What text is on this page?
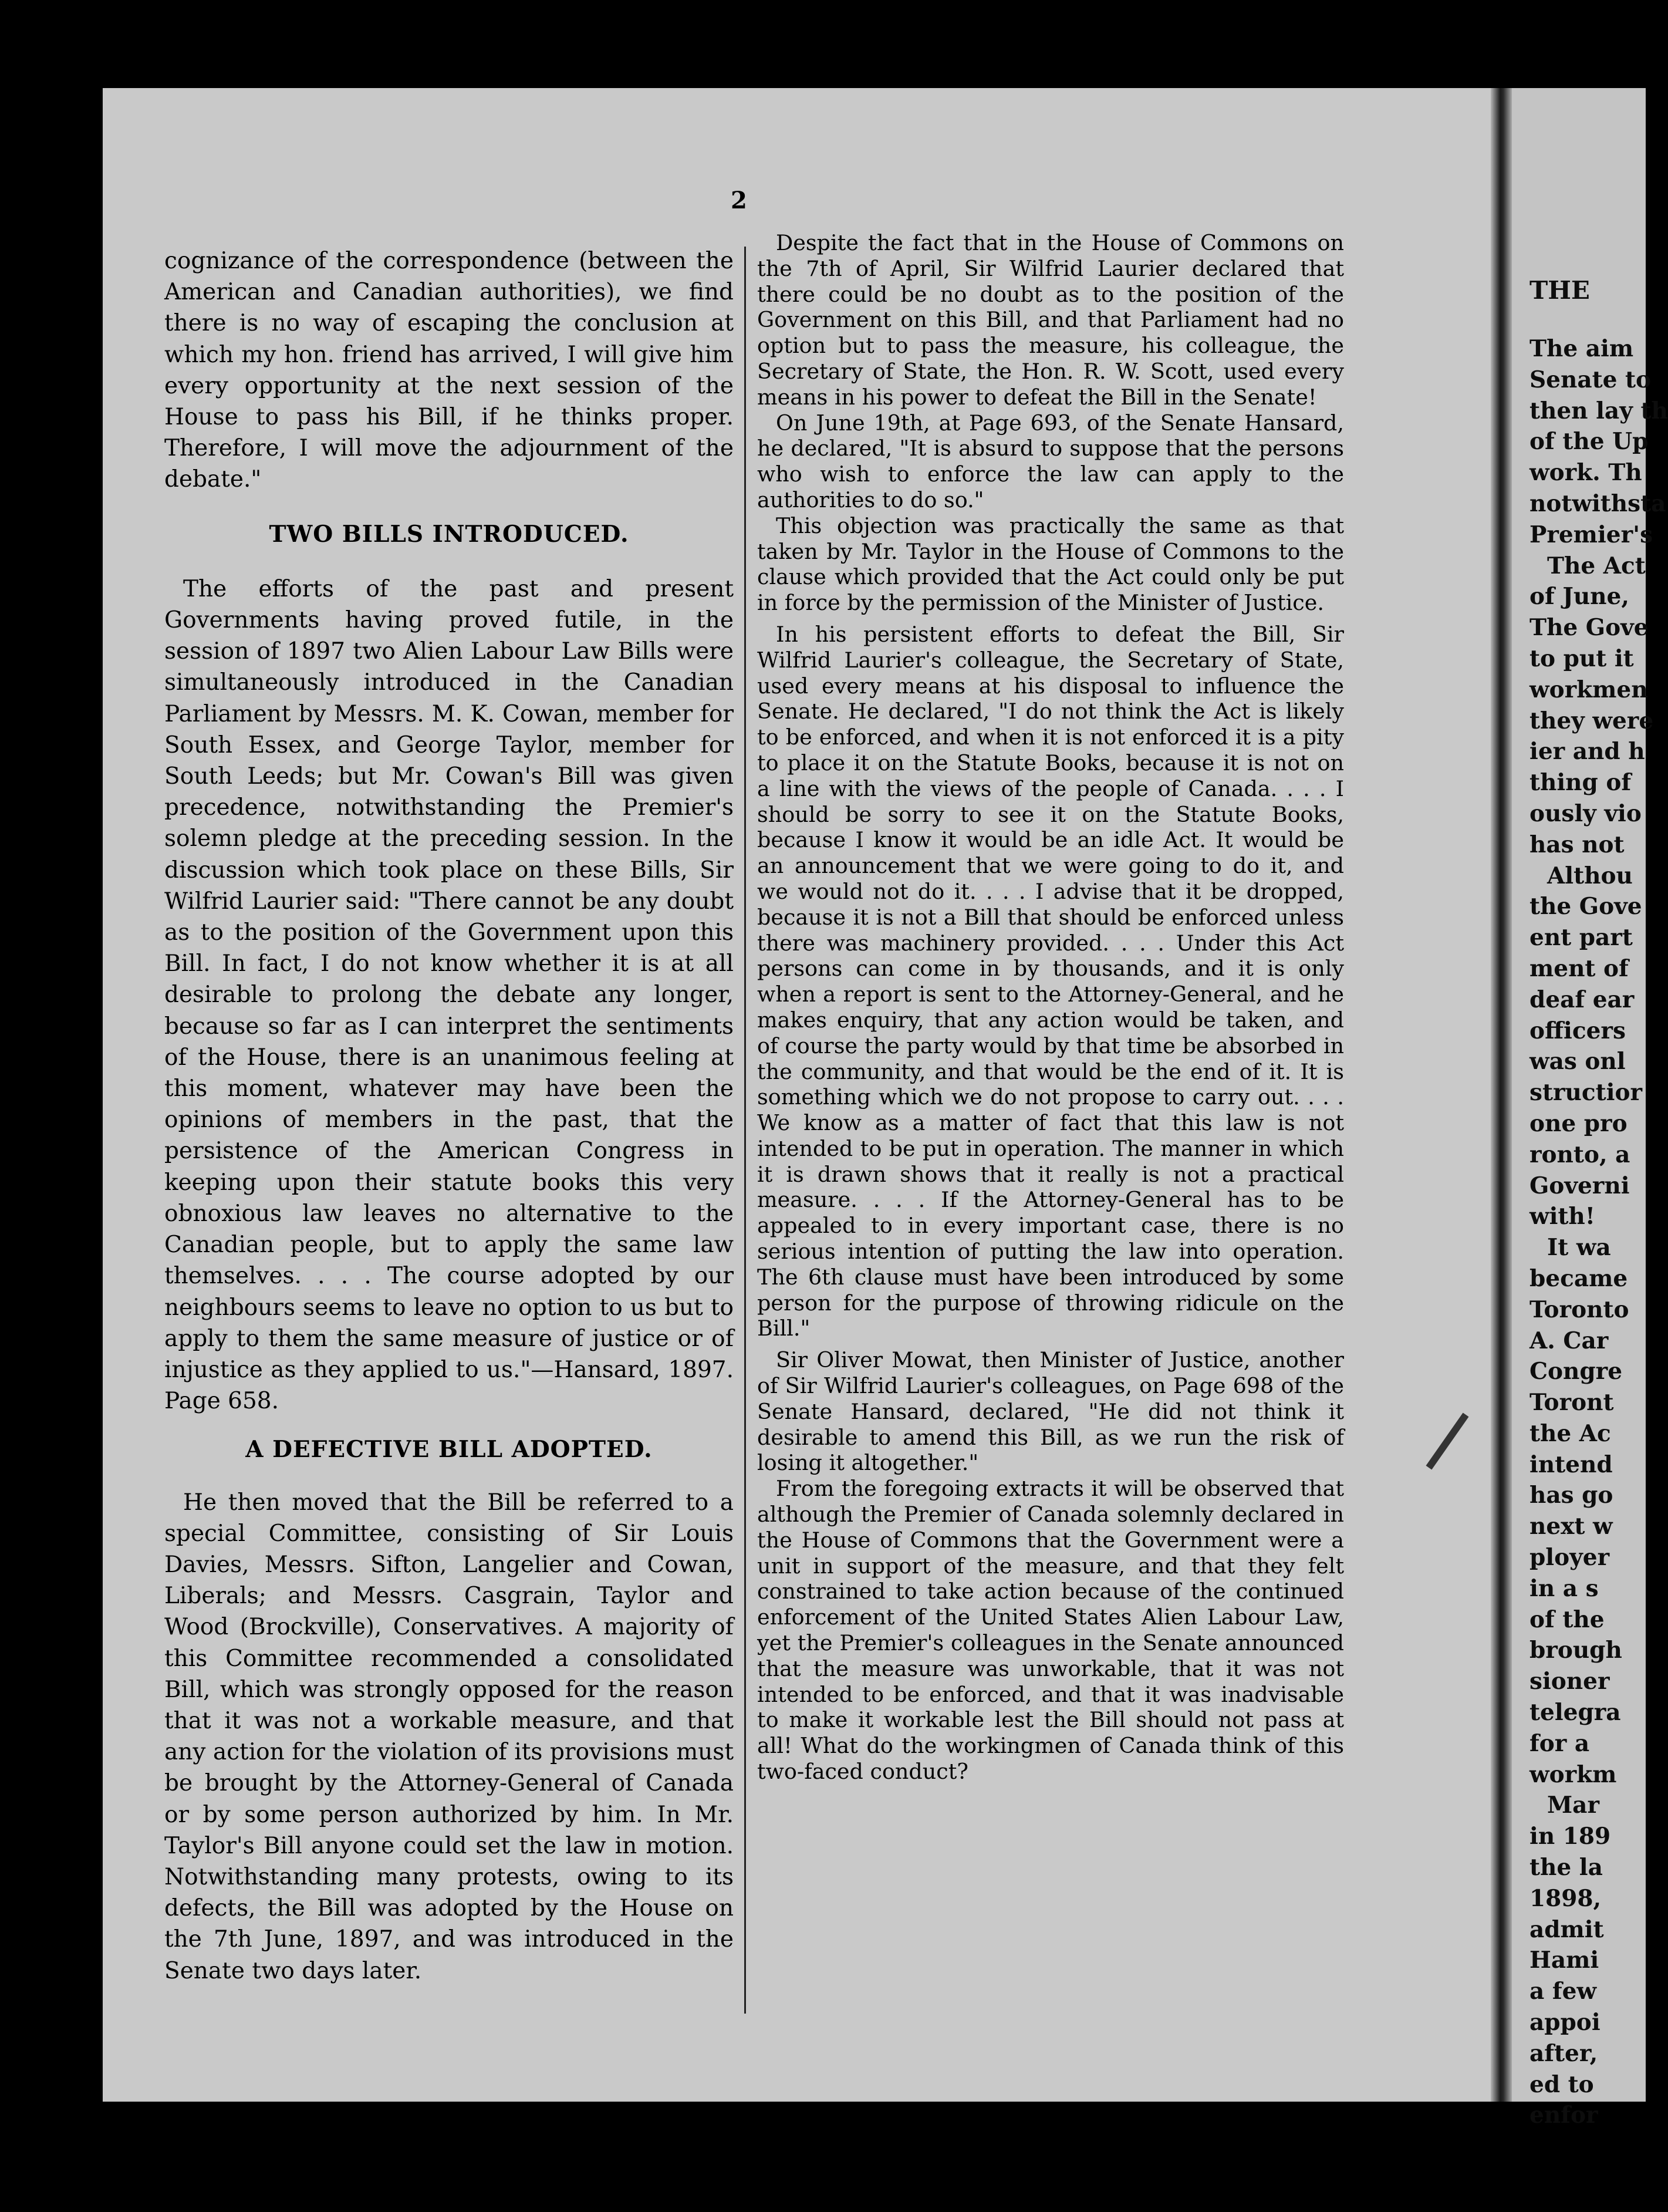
2

cognizance of the correspondence (between the American and Canadian authorities), we find there is no way of escaping the conclusion at which my hon. friend has arrived, I will give him every opportunity at the next session of the House to pass his Bill, if he thinks proper. Therefore, I will move the adjournment of the debate."

TWO BILLS INTRODUCED.

The efforts of the past and present Governments having proved futile, in the session of 1897 two Alien Labour Law Bills were simultaneously introduced in the Canadian Parliament by Messrs. M. K. Cowan, member for South Essex, and George Taylor, member for South Leeds; but Mr. Cowan's Bill was given precedence, notwithstanding the Premier's solemn pledge at the preceding session. In the discussion which took place on these Bills, Sir Wilfrid Laurier said: "There cannot be any doubt as to the position of the Government upon this Bill. In fact, I do not know whether it is at all desirable to prolong the debate any longer, because so far as I can interpret the sentiments of the House, there is an unanimous feeling at this moment, whatever may have been the opinions of members in the past, that the persistence of the American Congress in keeping upon their statute books this very obnoxious law leaves no alternative to the Canadian people, but to apply the same law themselves. . . . The course adopted by our neighbours seems to leave no option to us but to apply to them the same measure of justice or of injustice as they applied to us."—Hansard, 1897. Page 658.

A DEFECTIVE BILL ADOPTED.

He then moved that the Bill be referred to a special Committee, consisting of Sir Louis Davies, Messrs. Sifton, Langelier and Cowan, Liberals; and Messrs. Casgrain, Taylor and Wood (Brockville), Conservatives. A majority of this Committee recommended a consolidated Bill, which was strongly opposed for the reason that it was not a workable measure, and that any action for the violation of its provisions must be brought by the Attorney-General of Canada or by some person authorized by him. In Mr. Taylor's Bill anyone could set the law in motion. Notwithstanding many protests, owing to its defects, the Bill was adopted by the House on the 7th June, 1897, and was introduced in the Senate two days later.

Despite the fact that in the House of Commons on the 7th of April, Sir Wilfrid Laurier declared that there could be no doubt as to the position of the Government on this Bill, and that Parliament had no option but to pass the measure, his colleague, the Secretary of State, the Hon. R. W. Scott, used every means in his power to defeat the Bill in the Senate!

On June 19th, at Page 693, of the Senate Hansard, he declared, "It is absurd to suppose that the persons who wish to enforce the law can apply to the authorities to do so."

This objection was practically the same as that taken by Mr. Taylor in the House of Commons to the clause which provided that the Act could only be put in force by the permission of the Minister of Justice.

In his persistent efforts to defeat the Bill, Sir Wilfrid Laurier's colleague, the Secretary of State, used every means at his disposal to influence the Senate. He declared, "I do not think the Act is likely to be enforced, and when it is not enforced it is a pity to place it on the Statute Books, because it is not on a line with the views of the people of Canada. . . . I should be sorry to see it on the Statute Books, because I know it would be an idle Act. It would be an announcement that we were going to do it, and we would not do it. . . . I advise that it be dropped, because it is not a Bill that should be enforced unless there was machinery provided. . . . Under this Act persons can come in by thousands, and it is only when a report is sent to the Attorney-General, and he makes enquiry, that any action would be taken, and of course the party would by that time be absorbed in the community, and that would be the end of it. It is something which we do not propose to carry out. . . . We know as a matter of fact that this law is not intended to be put in operation. The manner in which it is drawn shows that it really is not a practical measure. . . . If the Attorney-General has to be appealed to in every important case, there is no serious intention of putting the law into operation. The 6th clause must have been introduced by some person for the purpose of throwing ridicule on the Bill."

Sir Oliver Mowat, then Minister of Justice, another of Sir Wilfrid Laurier's colleagues, on Page 698 of the Senate Hansard, declared, "He did not think it desirable to amend this Bill, as we run the risk of losing it altogether."

From the foregoing extracts it will be observed that although the Premier of Canada solemnly declared in the House of Commons that the Government were a unit in support of the measure, and that they felt constrained to take action because of the continued enforcement of the United States Alien Labour Law, yet the Premier's colleagues in the Senate announced that the measure was unworkable, that it was not intended to be enforced, and that it was inadvisable to make it workable lest the Bill should not pass at all! What do the workingmen of Canada think of this two-faced conduct?

THE
The aim
Senate to
then lay th
of the Up
work. Th
notwithsta
Premier's
The Act
of June,
The Gove
to put it
workmen
they were
ier and h
thing of
ously vio
has not
Althou
the Gove
ent part
ment of
deaf ear
officers
was onl
structior
one pro
ronto, a
Governi
with!
It wa
became
Toronto
A. Car
Congre
Toront
the Ac
intend
has go
next w
ployer
in a s
of the
brough
sioner
telegra
for a
workm
Mar
in 189
the la
1898,
admit
Hami
a few
appoi
after,
ed to
enfor
